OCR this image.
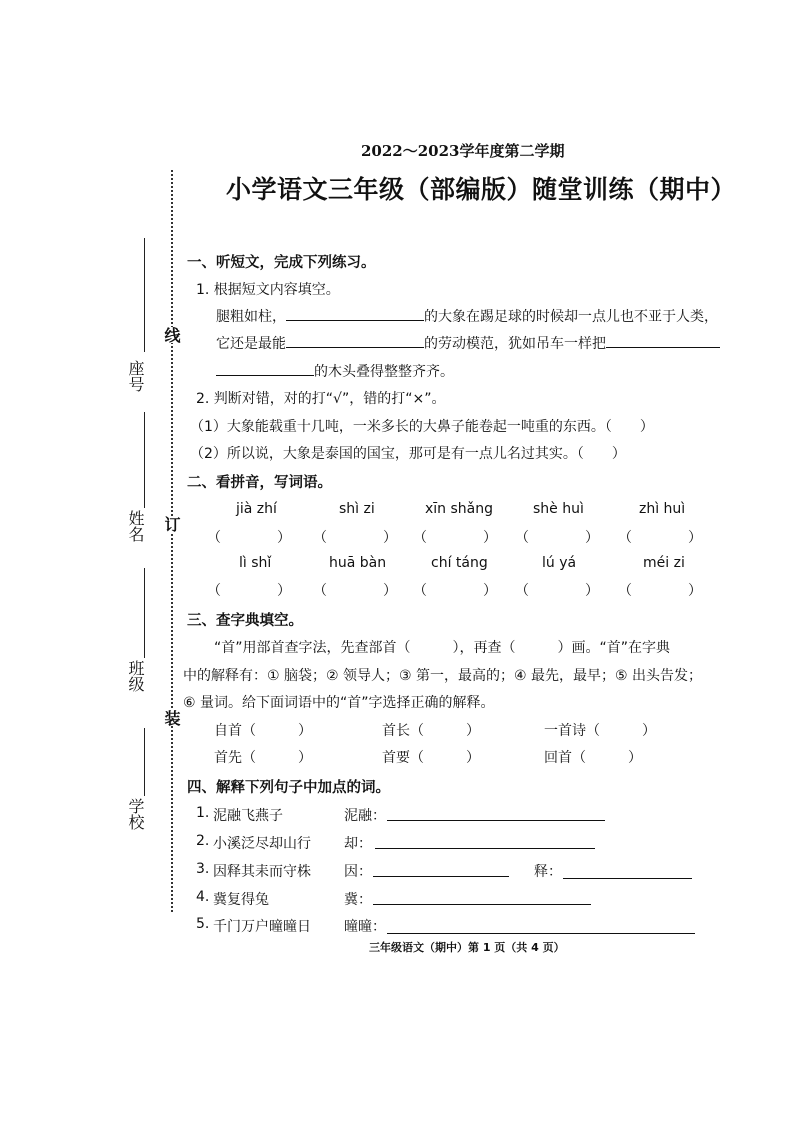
2022～2023学年度第二学期
小学语文三年级（部编版）随堂训练（期中）
线
订
装
座号
姓名
班级
学校
一、听短文，完成下列练习。
1. 根据短文内容填空。
腿粗如柱，	的大象在踢足球的时候却一点儿也不亚于人类，
它还是最能	的劳动模范，犹如吊车一样把
的木头叠得整整齐齐。
2. 判断对错，对的打“√”，错的打“×”。
（1）大象能载重十几吨，一米多长的大鼻子能卷起一吨重的东西。（　　）
（2）所以说，大象是泰国的国宝，那可是有一点儿名过其实。（　　）
二、看拼音，写词语。
jià zhí	shì zi	xīn shǎng	shè huì	zhì huì
（　　　　） （　　　　） （　　　　） （　　　　） （　　　　）
lì shǐ	huā bàn	chí táng	lú yá	méi zi
（　　　　） （　　　　） （　　　　） （　　　　） （　　　　）
三、查字典填空。
“首”用部首查字法，先查部首（　　　），再查（　　　）画。“首”在字典
中的解释有：① 脑袋；② 领导人；③ 第一，最高的；④ 最先，最早；⑤ 出头告发；
⑥ 量词。给下面词语中的“首”字选择正确的解释。
自首（　　　）	首长（　　　）	一首诗（　　　）
首先（　　　）	首要（　　　）	回首（　　　）
四、解释下列句子中加点的词。
1. 泥融飞燕子	泥融：
2. 小溪泛尽却山行 却：
3. 因释其耒而守株 因：	释：
4. 冀复得兔	冀：
5. 千门万户曈曈日 曈曈：
三年级语文（期中）第 1 页（共 4 页）
